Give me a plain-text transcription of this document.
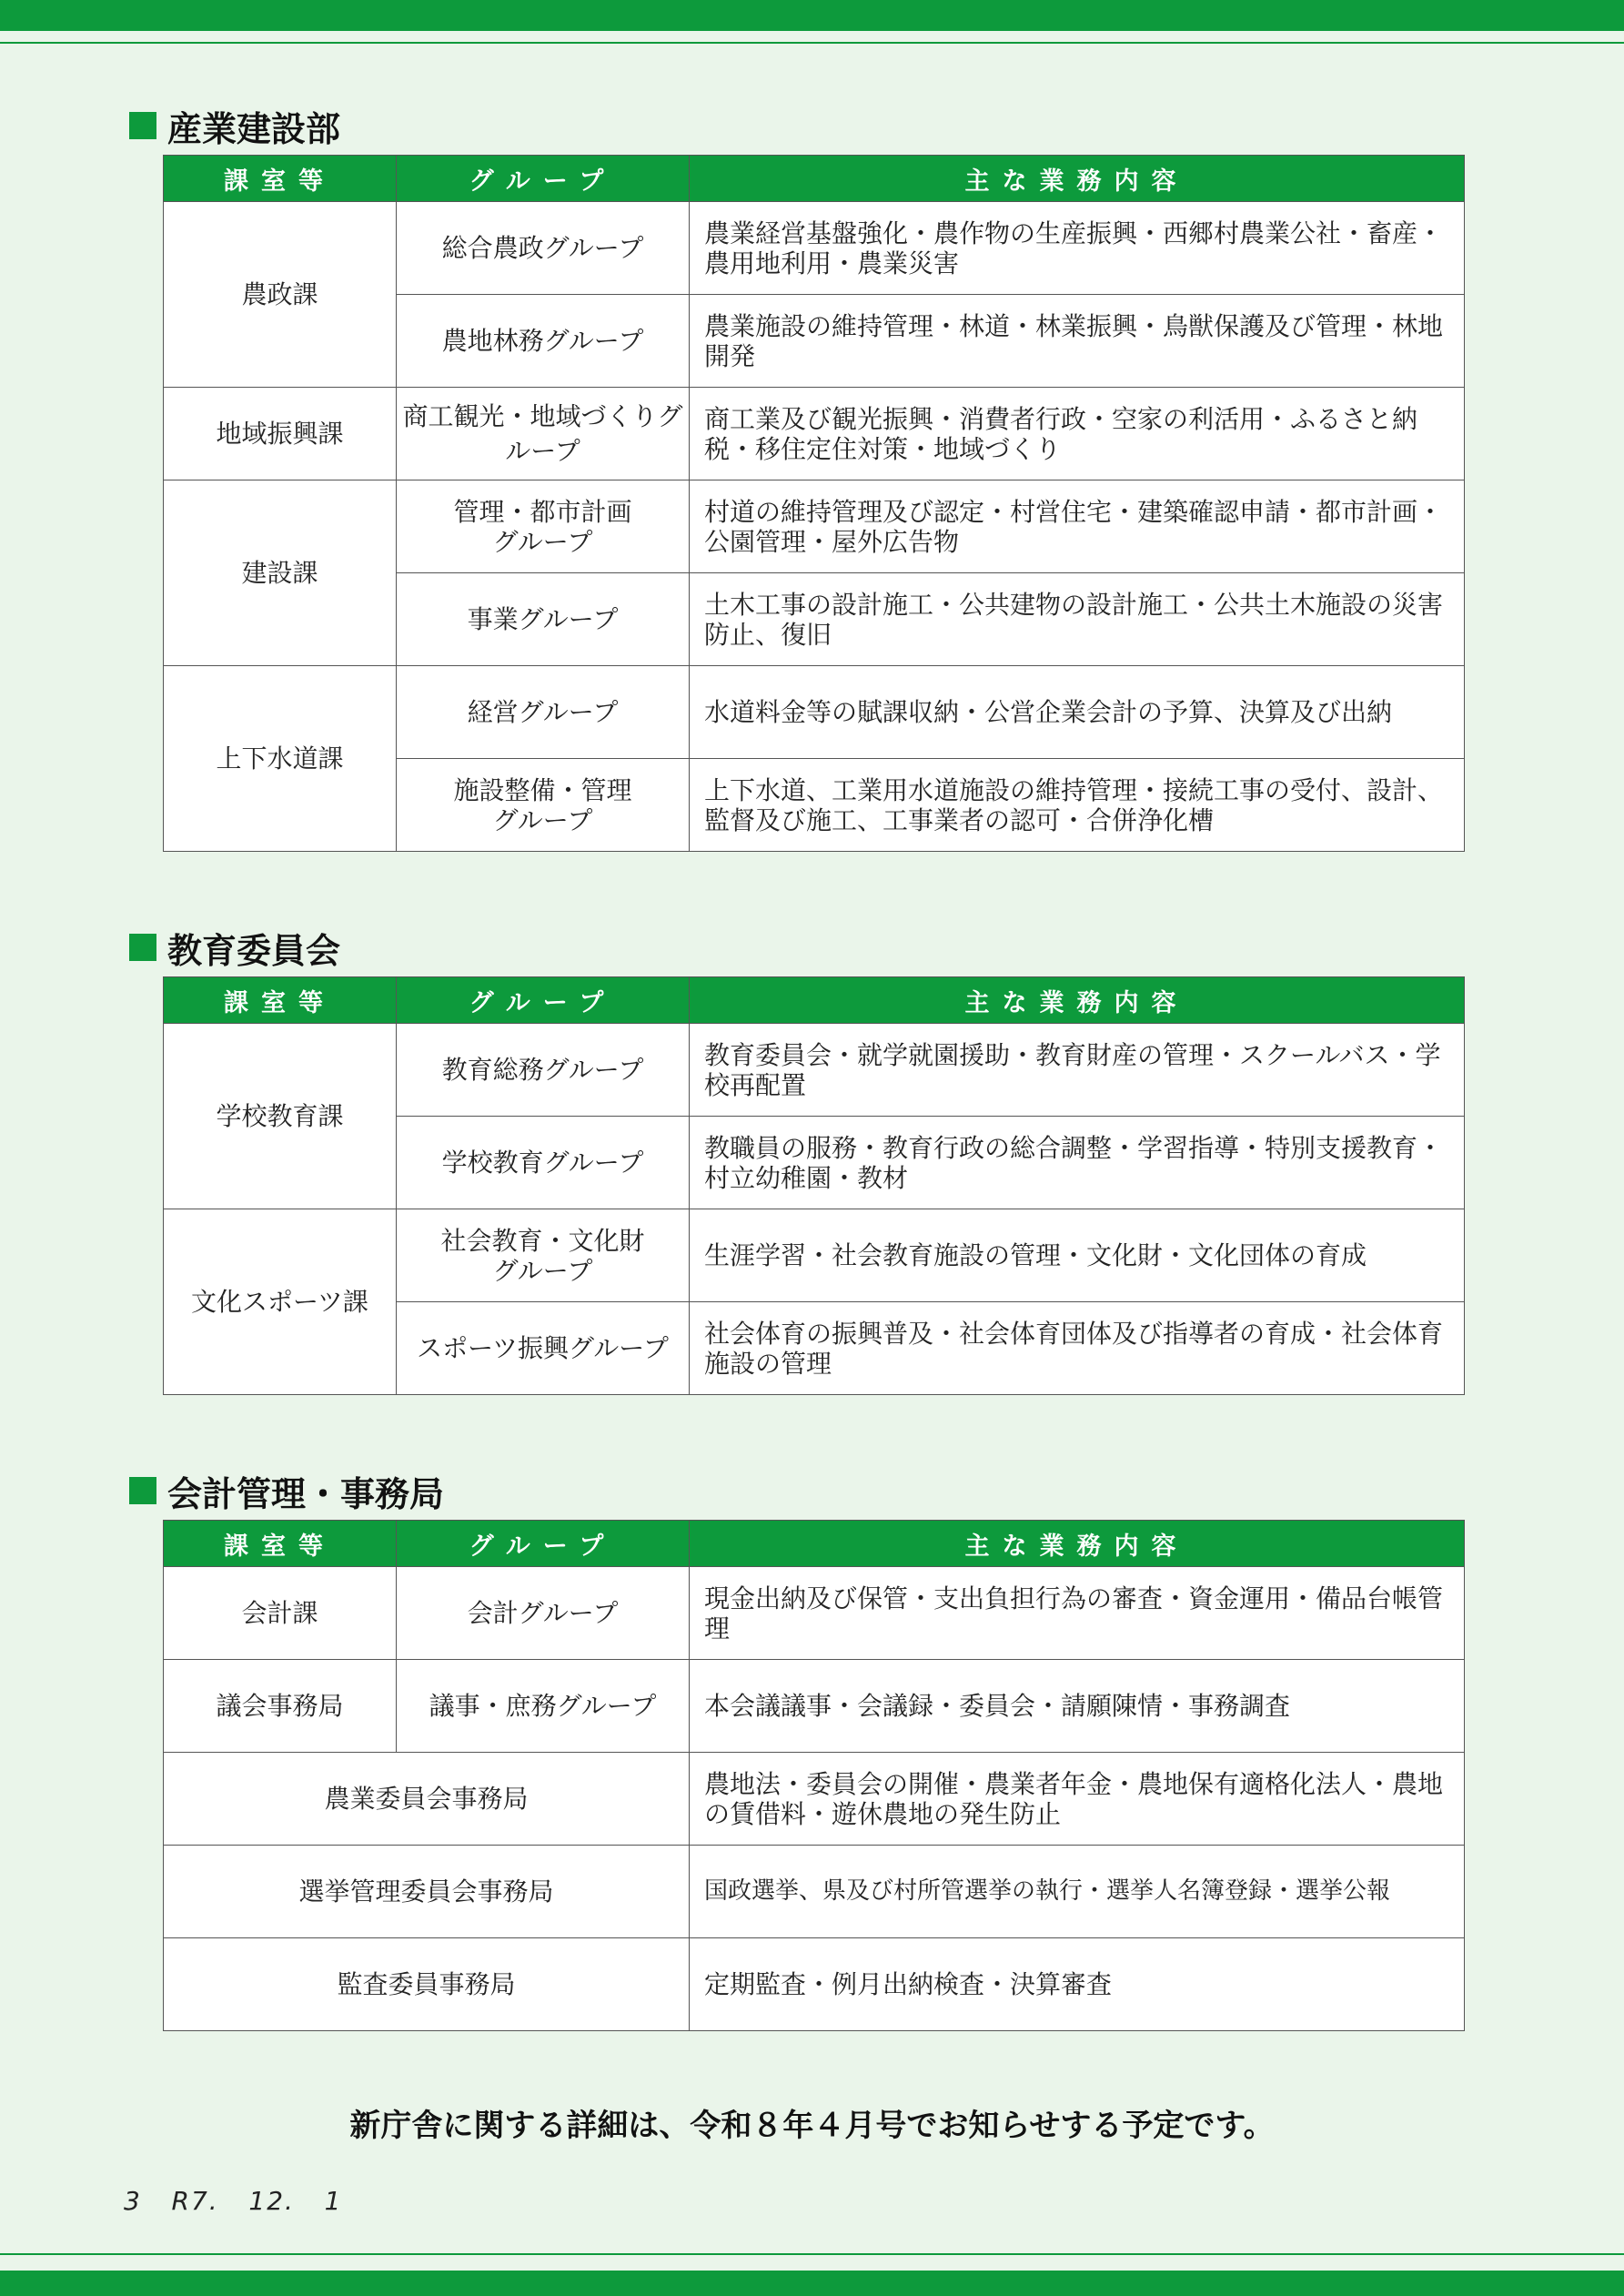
産業建設部
課室等	グループ	主な業務内容
農政課	総合農政グループ	農業経営基盤強化・農作物の生産振興・西郷村農業公社・畜産・農用地利用・農業災害
	農地林務グループ	農業施設の維持管理・林道・林業振興・鳥獣保護及び管理・林地開発
地域振興課	商工観光・地域づくりグループ	商工業及び観光振興・消費者行政・空家の利活用・ふるさと納税・移住定住対策・地域づくり
建設課	管理・都市計画グループ	村道の維持管理及び認定・村営住宅・建築確認申請・都市計画・公園管理・屋外広告物
	事業グループ	土木工事の設計施工・公共建物の設計施工・公共土木施設の災害防止、復旧
上下水道課	経営グループ	水道料金等の賦課収納・公営企業会計の予算、決算及び出納
	施設整備・管理グループ	上下水道、工業用水道施設の維持管理・接続工事の受付、設計、監督及び施工、工事業者の認可・合併浄化槽
教育委員会
課室等	グループ	主な業務内容
学校教育課	教育総務グループ	教育委員会・就学就園援助・教育財産の管理・スクールバス・学校再配置
	学校教育グループ	教職員の服務・教育行政の総合調整・学習指導・特別支援教育・村立幼稚園・教材
文化スポーツ課	社会教育・文化財グループ	生涯学習・社会教育施設の管理・文化財・文化団体の育成
	スポーツ振興グループ	社会体育の振興普及・社会体育団体及び指導者の育成・社会体育施設の管理
会計管理・事務局
課室等	グループ	主な業務内容
会計課	会計グループ	現金出納及び保管・支出負担行為の審査・資金運用・備品台帳管理
議会事務局	議事・庶務グループ	本会議議事・会議録・委員会・請願陳情・事務調査
農業委員会事務局		農地法・委員会の開催・農業者年金・農地保有適格化法人・農地の賃借料・遊休農地の発生防止
選挙管理委員会事務局		国政選挙、県及び村所管選挙の執行・選挙人名簿登録・選挙公報
監査委員事務局		定期監査・例月出納検査・決算審査
新庁舎に関する詳細は、令和８年４月号でお知らせする予定です。
3   R7.   12.   1
